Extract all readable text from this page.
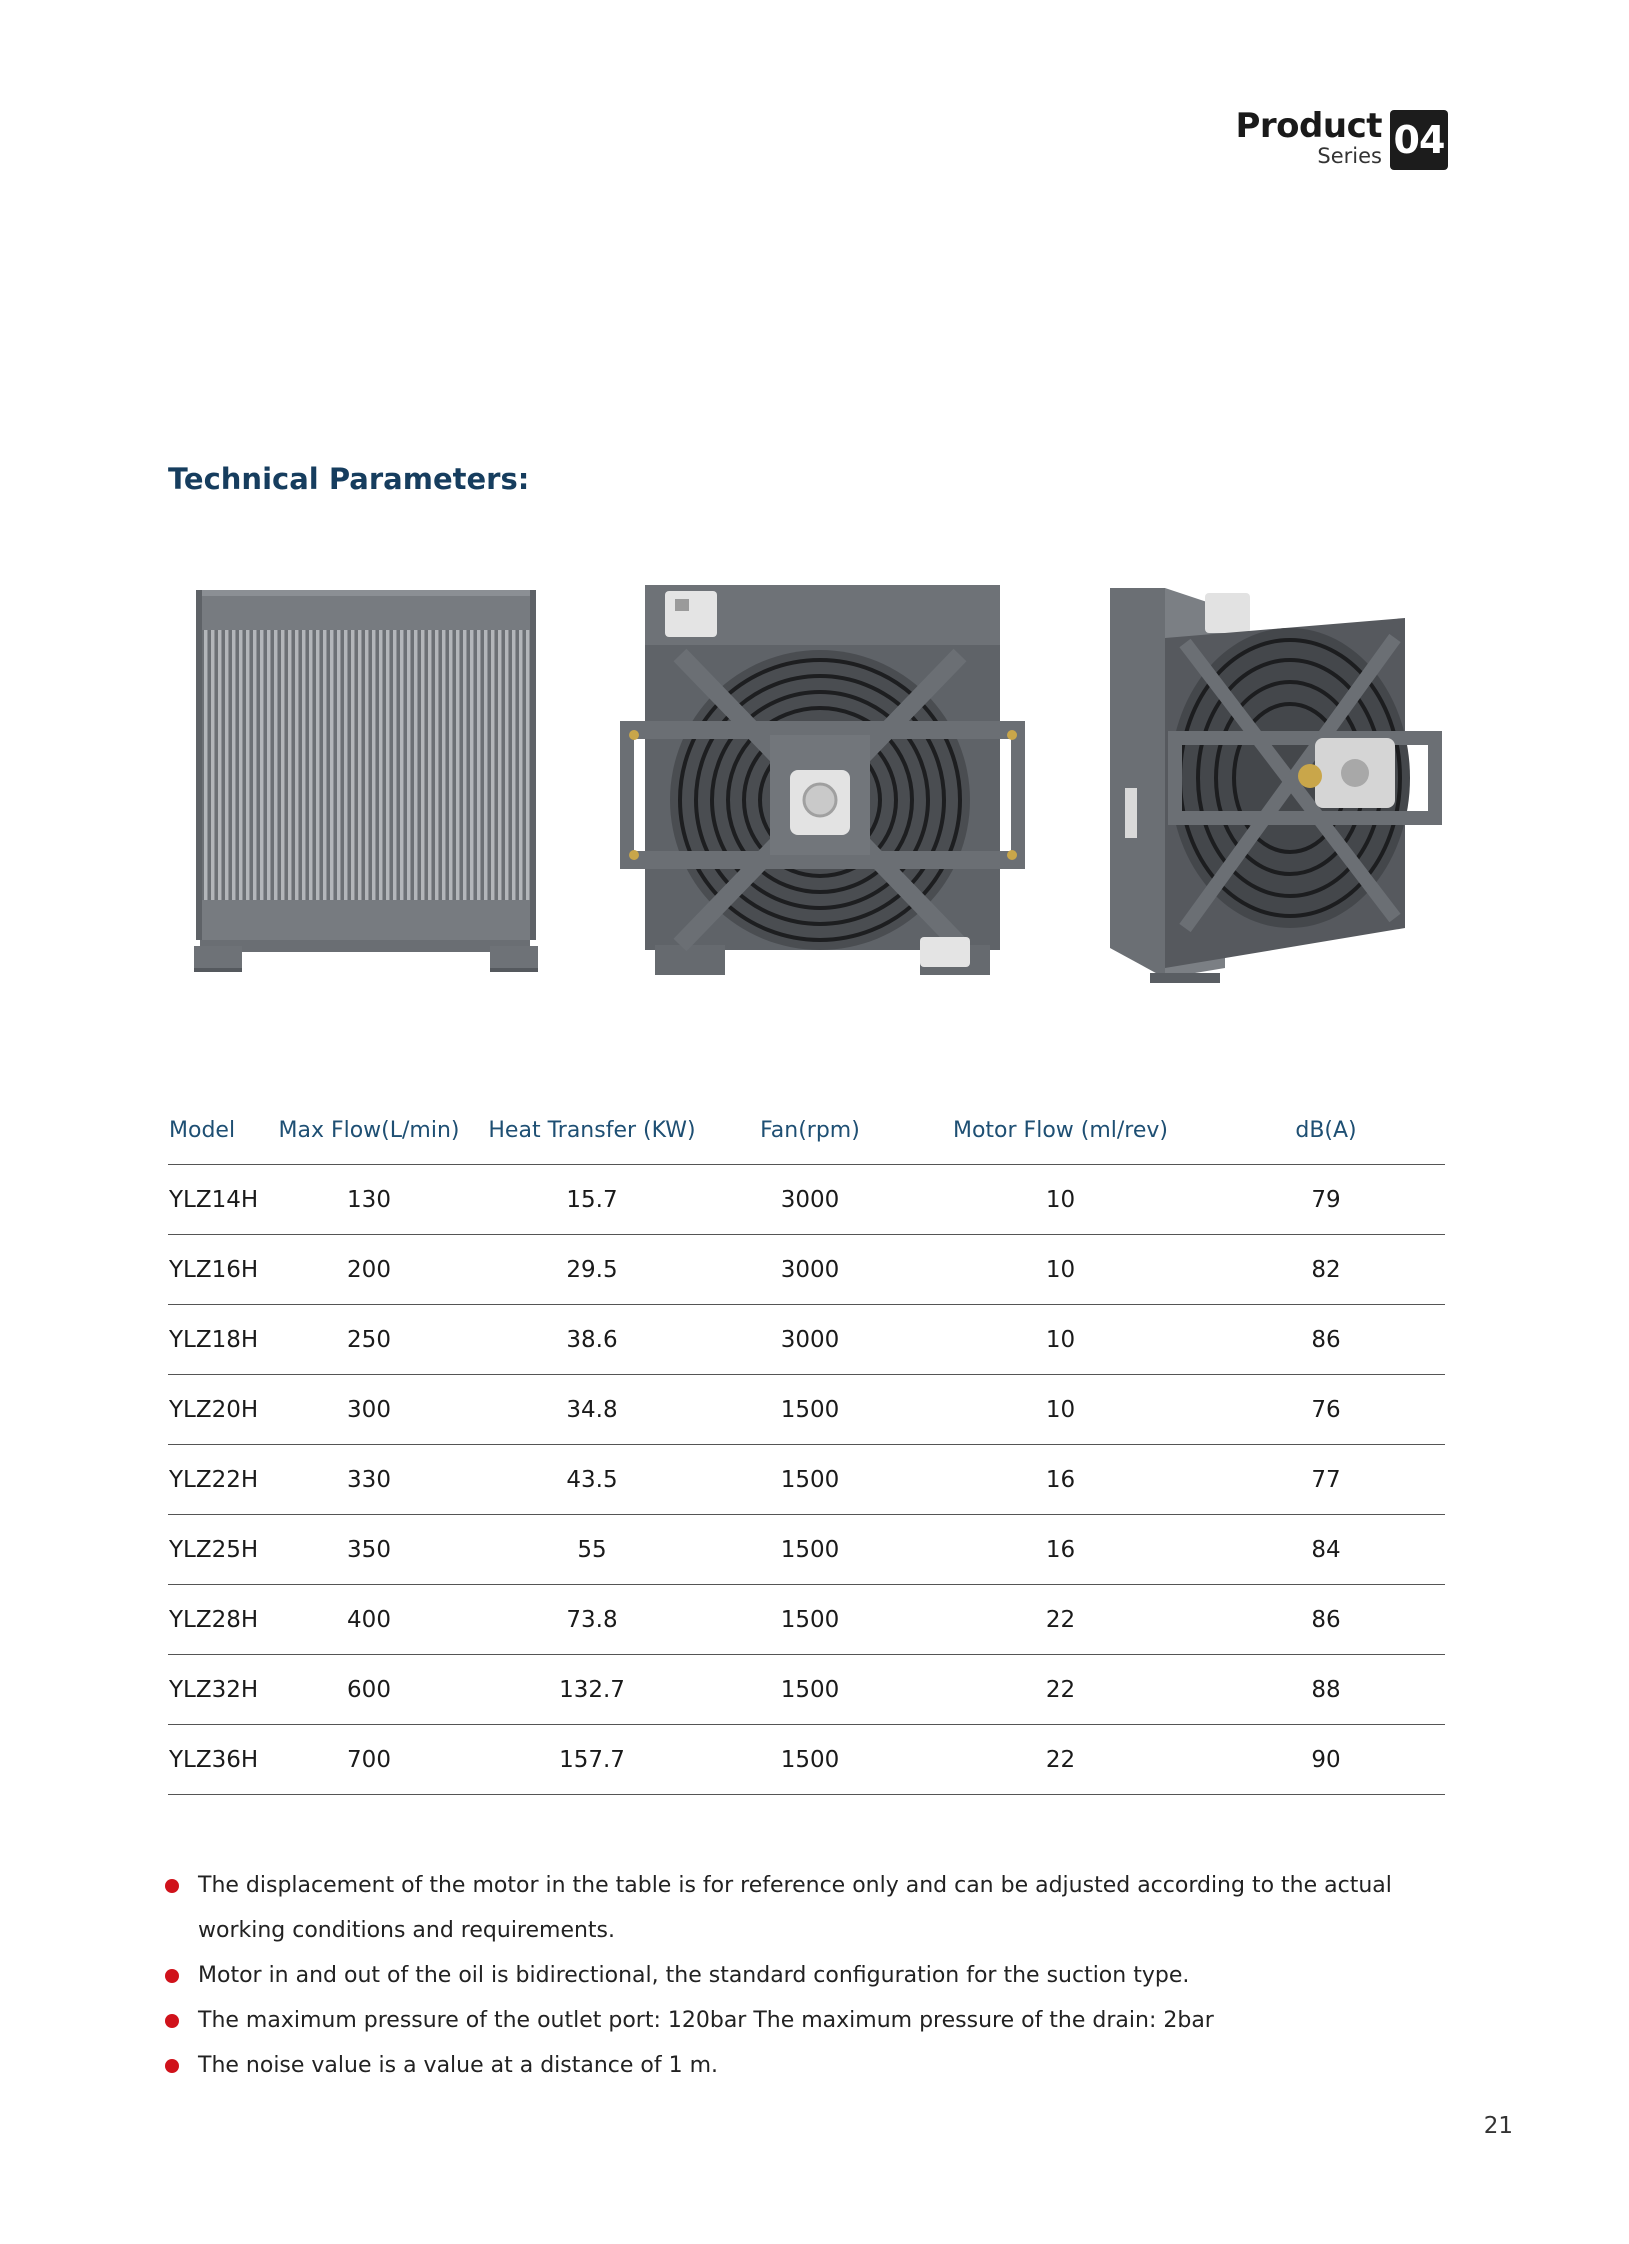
Product
Series 04
Technical Parameters:
Model	Max Flow(L/min)	Heat Transfer (KW)	Fan(rpm)	Motor Flow (ml/rev)	dB(A)
YLZ14H	130	15.7	3000	10	79
YLZ16H	200	29.5	3000	10	82
YLZ18H	250	38.6	3000	10	86
YLZ20H	300	34.8	1500	10	76
YLZ22H	330	43.5	1500	16	77
YLZ25H	350	55	1500	16	84
YLZ28H	400	73.8	1500	22	86
YLZ32H	600	132.7	1500	22	88
YLZ36H	700	157.7	1500	22	90
The displacement of the motor in the table is for reference only and can be adjusted according to the actual working conditions and requirements.
Motor in and out of the oil is bidirectional, the standard configuration for the suction type.
The maximum pressure of the outlet port: 120bar The maximum pressure of the drain: 2bar
The noise value is a value at a distance of 1 m.
21
